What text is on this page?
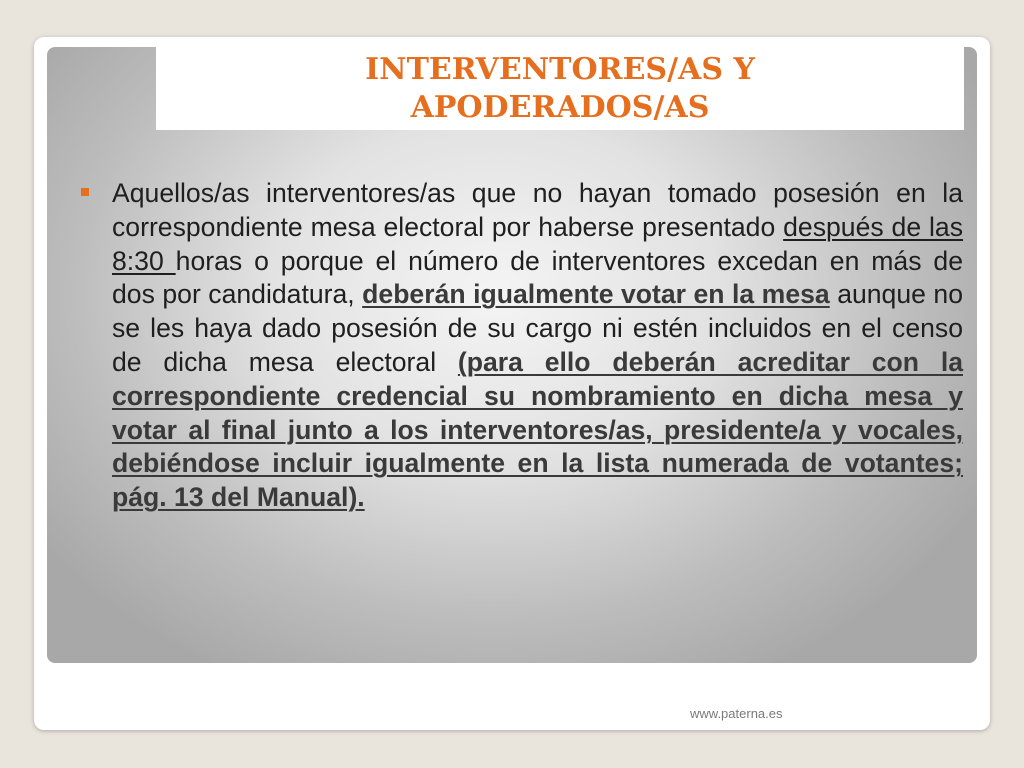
INTERVENTORES/AS Y
APODERADOS/AS
Aquellos/as interventores/as que no hayan tomado posesión en la correspondiente mesa electoral por haberse presentado después de las 8:30 horas o porque el número de interventores excedan en más de dos por candidatura, deberán igualmente votar en la mesa aunque no se les haya dado posesión de su cargo ni estén incluidos en el censo de dicha mesa electoral (para ello deberán acreditar con la correspondiente credencial su nombramiento en dicha mesa y votar al final junto a los interventores/as, presidente/a y vocales, debiéndose incluir igualmente en la lista numerada de votantes; pág. 13 del Manual).
www.paterna.es
